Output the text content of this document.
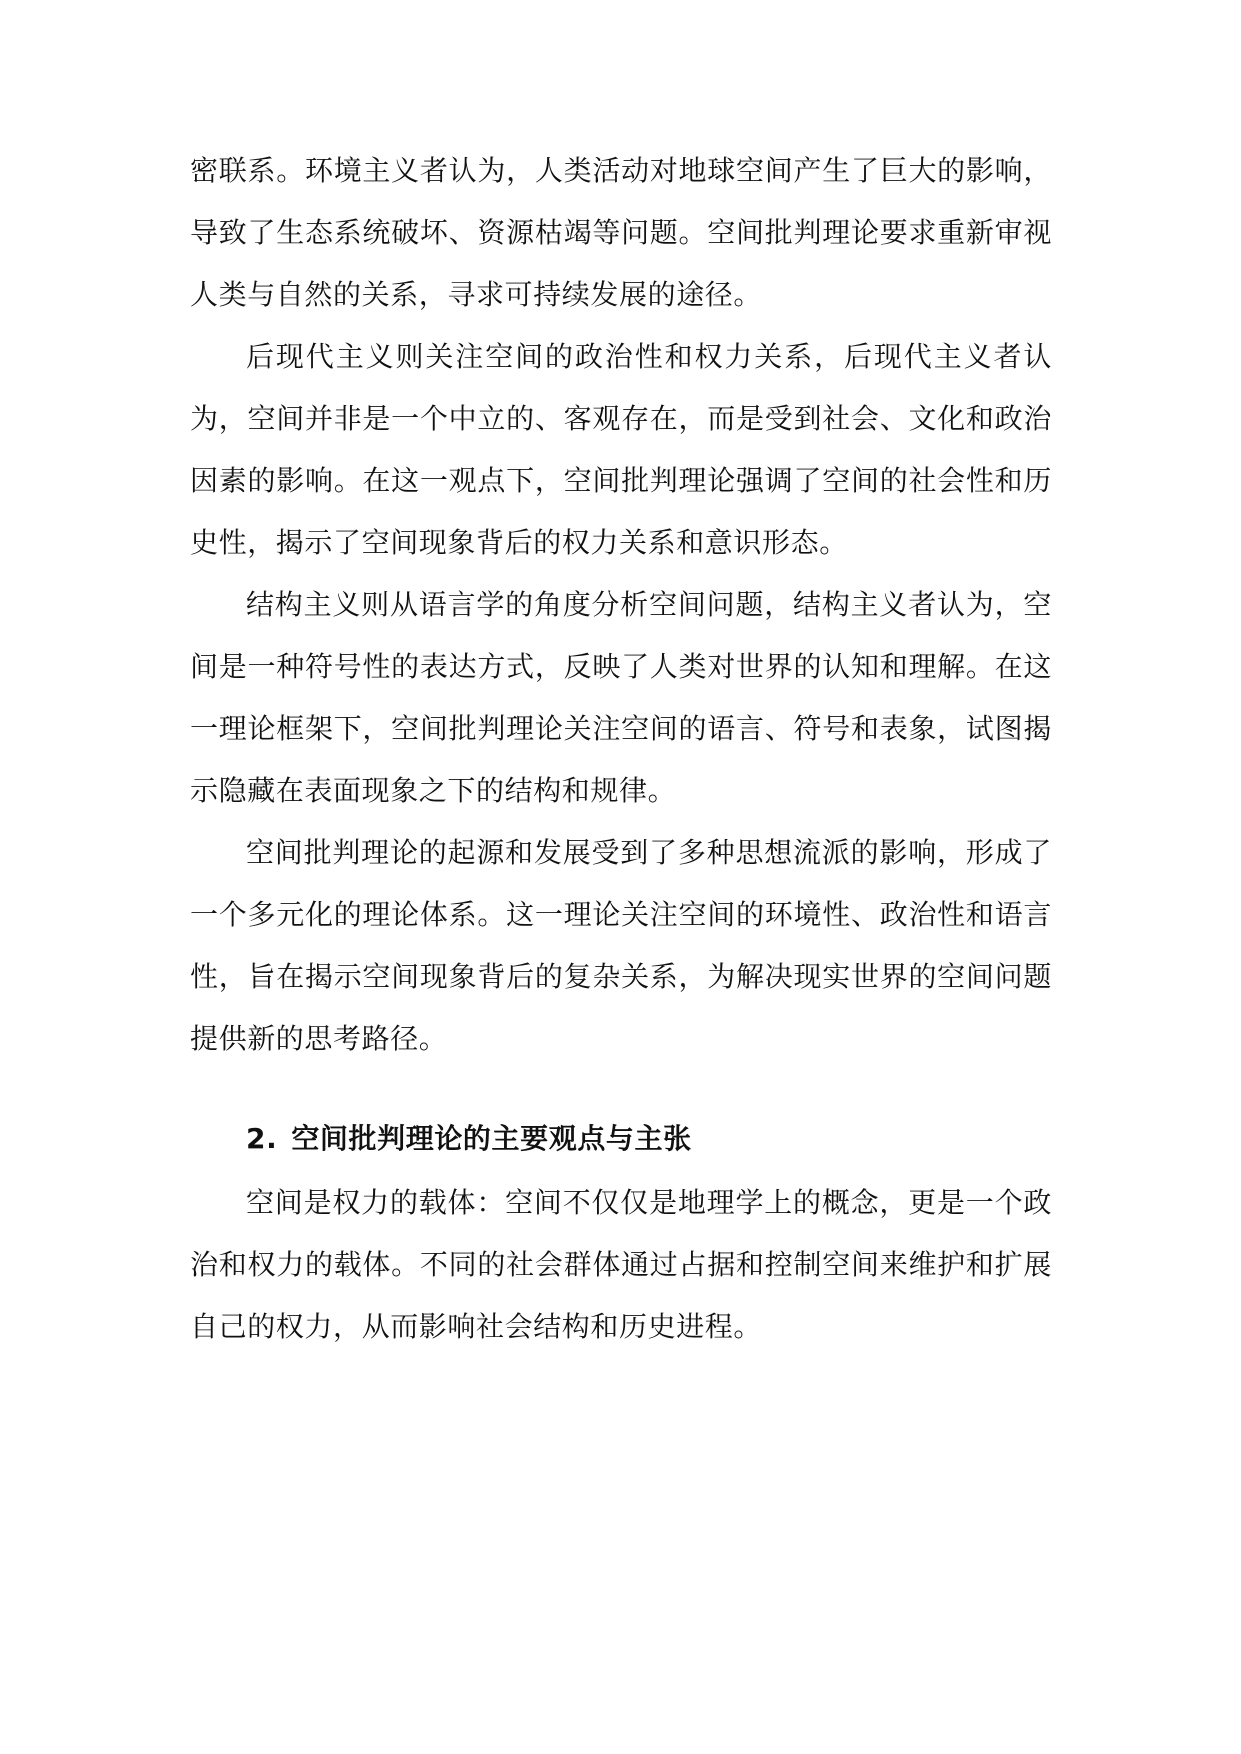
密联系。环境主义者认为，人类活动对地球空间产生了巨大的影响，导致了生态系统破坏、资源枯竭等问题。空间批判理论要求重新审视人类与自然的关系，寻求可持续发展的途径。

后现代主义则关注空间的政治性和权力关系，后现代主义者认为，空间并非是一个中立的、客观存在，而是受到社会、文化和政治因素的影响。在这一观点下，空间批判理论强调了空间的社会性和历史性，揭示了空间现象背后的权力关系和意识形态。

结构主义则从语言学的角度分析空间问题，结构主义者认为，空间是一种符号性的表达方式，反映了人类对世界的认知和理解。在这一理论框架下，空间批判理论关注空间的语言、符号和表象，试图揭示隐藏在表面现象之下的结构和规律。

空间批判理论的起源和发展受到了多种思想流派的影响，形成了一个多元化的理论体系。这一理论关注空间的环境性、政治性和语言性，旨在揭示空间现象背后的复杂关系，为解决现实世界的空间问题提供新的思考路径。

2. 空间批判理论的主要观点与主张

空间是权力的载体：空间不仅仅是地理学上的概念，更是一个政治和权力的载体。不同的社会群体通过占据和控制空间来维护和扩展自己的权力，从而影响社会结构和历史进程。
